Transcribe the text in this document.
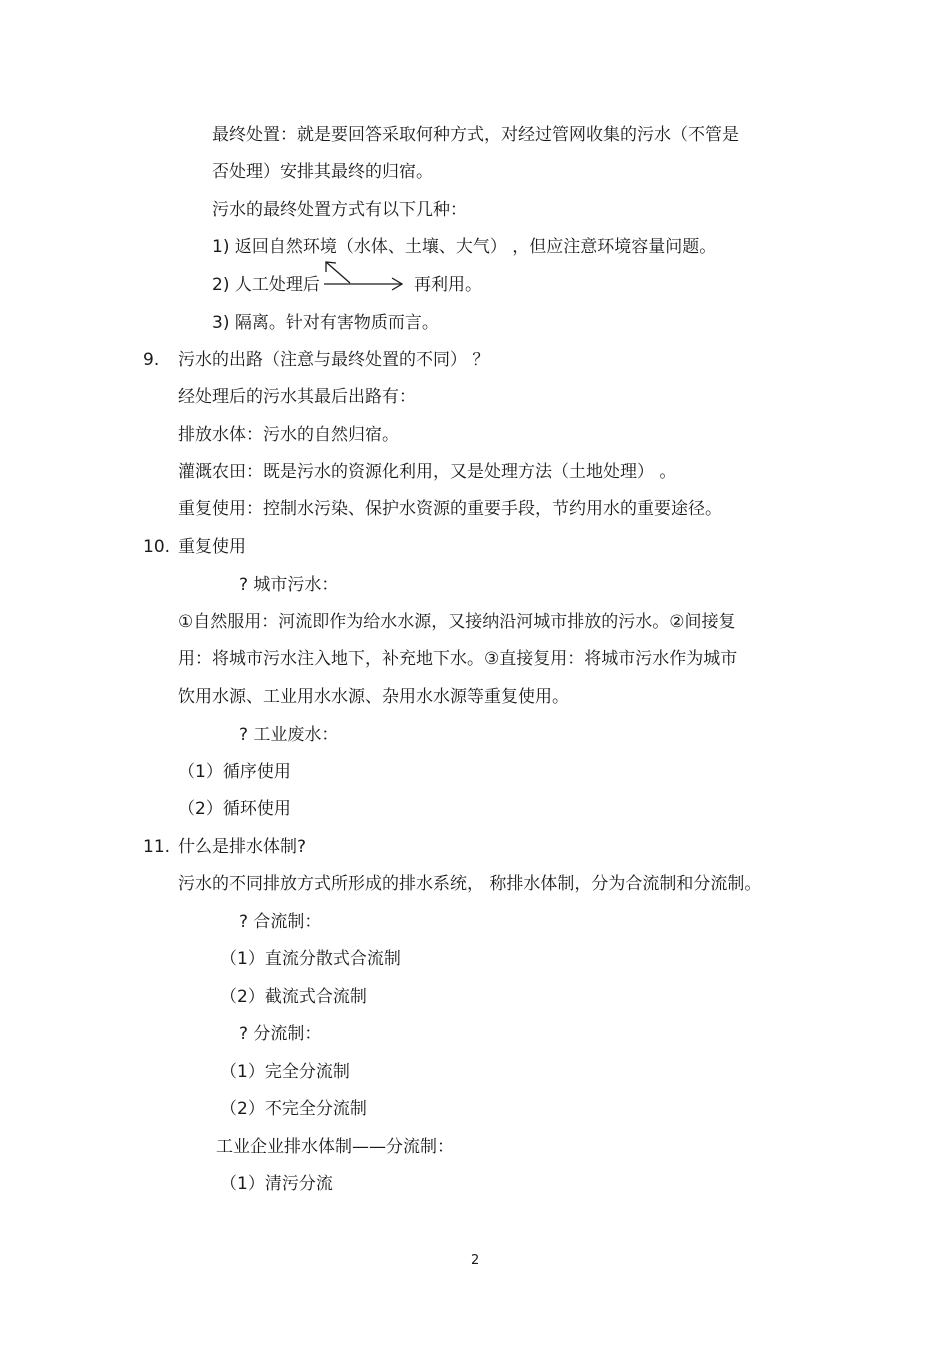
最终处置：就是要回答采取何种方式，对经过管网收集的污水（不管是
否处理）安排其最终的归宿。
污水的最终处置方式有以下几种：
1) 返回自然环境（水体、土壤、大气） ，但应注意环境容量问题。
2) 人工处理后	再利用。
3) 隔离。针对有害物质而言。
9. 污水的出路（注意与最终处置的不同） ？
经处理后的污水其最后出路有：
排放水体：污水的自然归宿。
灌溉农田：既是污水的资源化利用，又是处理方法（土地处理） 。
重复使用：控制水污染、保护水资源的重要手段，节约用水的重要途径。
10. 重复使用
? 城市污水：
①自然服用：河流即作为给水水源，又接纳沿河城市排放的污水。②间接复
用：将城市污水注入地下，补充地下水。③直接复用：将城市污水作为城市
饮用水源、工业用水水源、杂用水水源等重复使用。
? 工业废水：
（1）循序使用
（2）循环使用
11. 什么是排水体制?
污水的不同排放方式所形成的排水系统， 称排水体制，分为合流制和分流制。
? 合流制：
（1）直流分散式合流制
（2）截流式合流制
? 分流制：
（1）完全分流制
（2）不完全分流制
工业企业排水体制——分流制：
（1）清污分流
2
